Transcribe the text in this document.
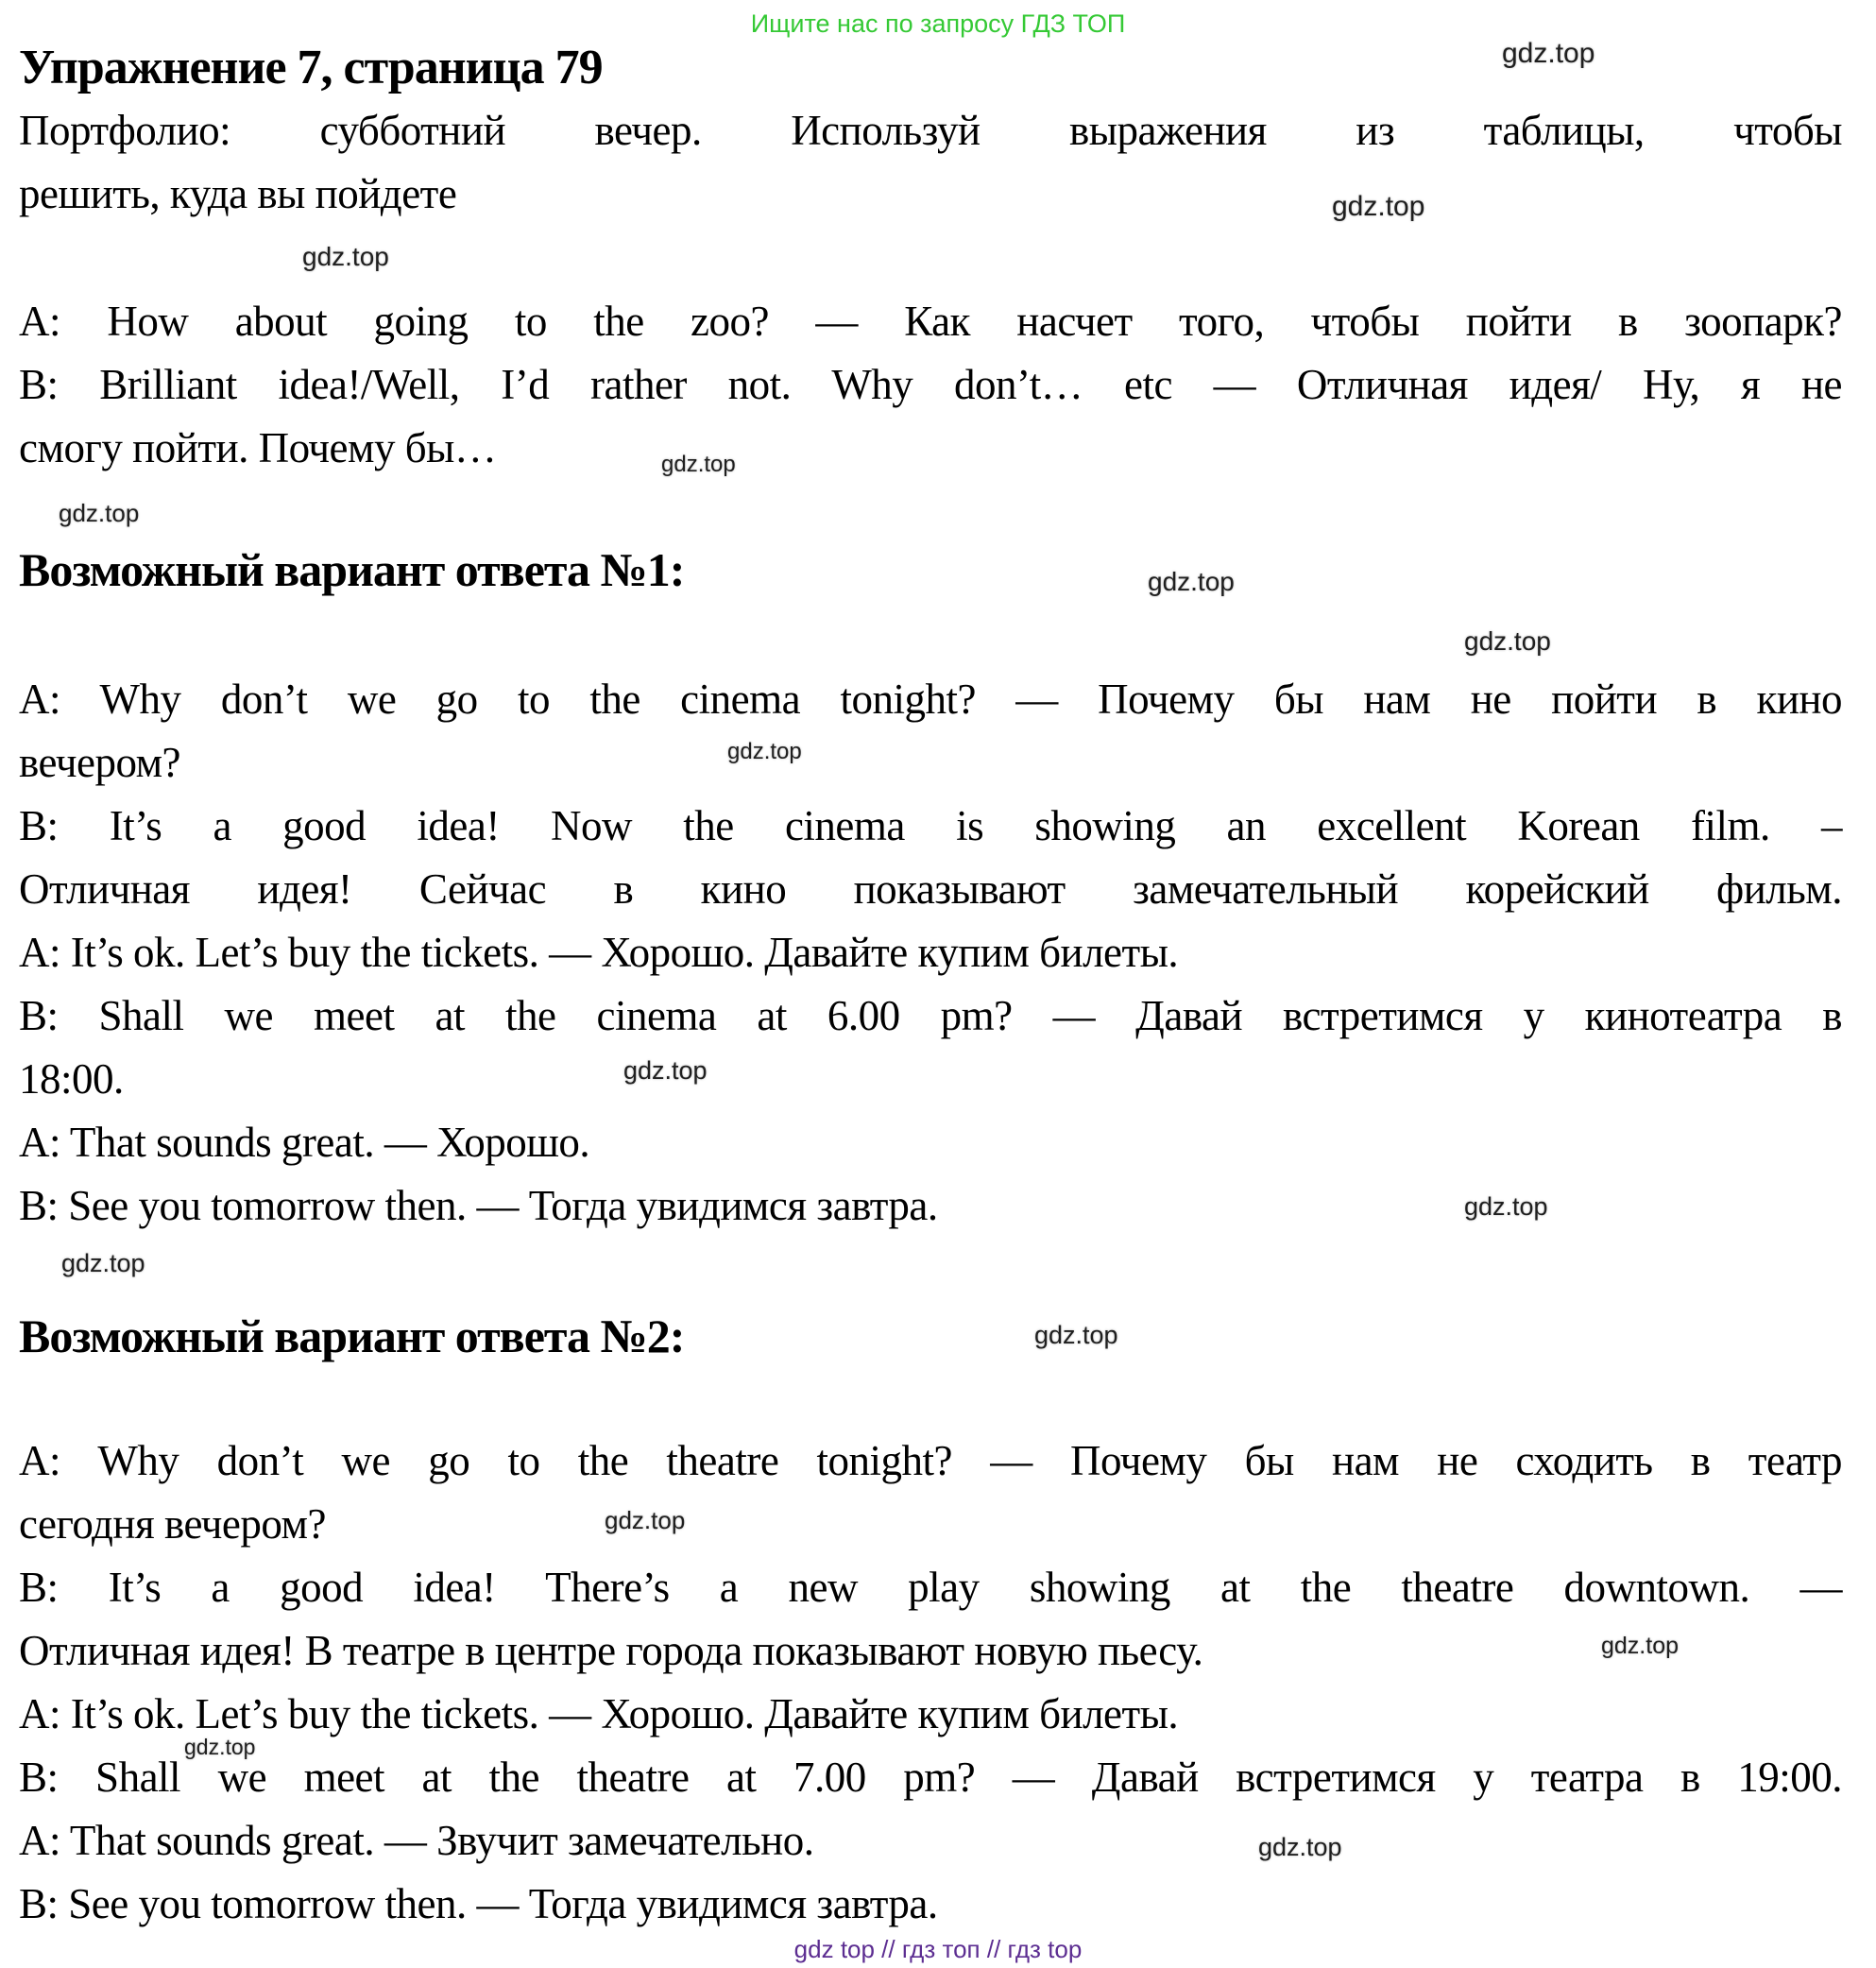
Ищите нас по запросу ГДЗ ТОП
Упражнение 7, страница 79
Портфолио: субботний вечер. Используй выражения из таблицы, чтобы
решить, куда вы пойдете
A: How about going to the zoo? — Как насчет того, чтобы пойти в зоопарк?
B: Brilliant idea!/Well, I’d rather not. Why don’t… etc — Отличная идея/ Ну, я не
смогу пойти. Почему бы…
Возможный вариант ответа №1:
A: Why don’t we go to the cinema tonight? — Почему бы нам не пойти в кино
вечером?
B: It’s a good idea! Now the cinema is showing an excellent Korean film. –
Отличная идея! Сейчас в кино показывают замечательный корейский фильм.
A: It’s ok. Let’s buy the tickets. — Хорошо. Давайте купим билеты.
B: Shall we meet at the cinema at 6.00 pm? — Давай встретимся у кинотеатра в
18:00.
A: That sounds great. — Хорошо.
B: See you tomorrow then. — Тогда увидимся завтра.
Возможный вариант ответа №2:
A: Why don’t we go to the theatre tonight? — Почему бы нам не сходить в театр
сегодня вечером?
B: It’s a good idea! There’s a new play showing at the theatre downtown. —
Отличная идея! В театре в центре города показывают новую пьесу.
A: It’s ok. Let’s buy the tickets. — Хорошо. Давайте купим билеты.
B: Shall we meet at the theatre at 7.00 pm? — Давай встретимся у театра в 19:00.
A: That sounds great. — Звучит замечательно.
B: See you tomorrow then. — Тогда увидимся завтра.
gdz.top
gdz.top
gdz.top
gdz.top
gdz.top
gdz.top
gdz.top
gdz.top
gdz.top
gdz.top
gdz.top
gdz.top
gdz.top
gdz.top
gdz.top
gdz.top
gdz top // гдз топ // гдз top
